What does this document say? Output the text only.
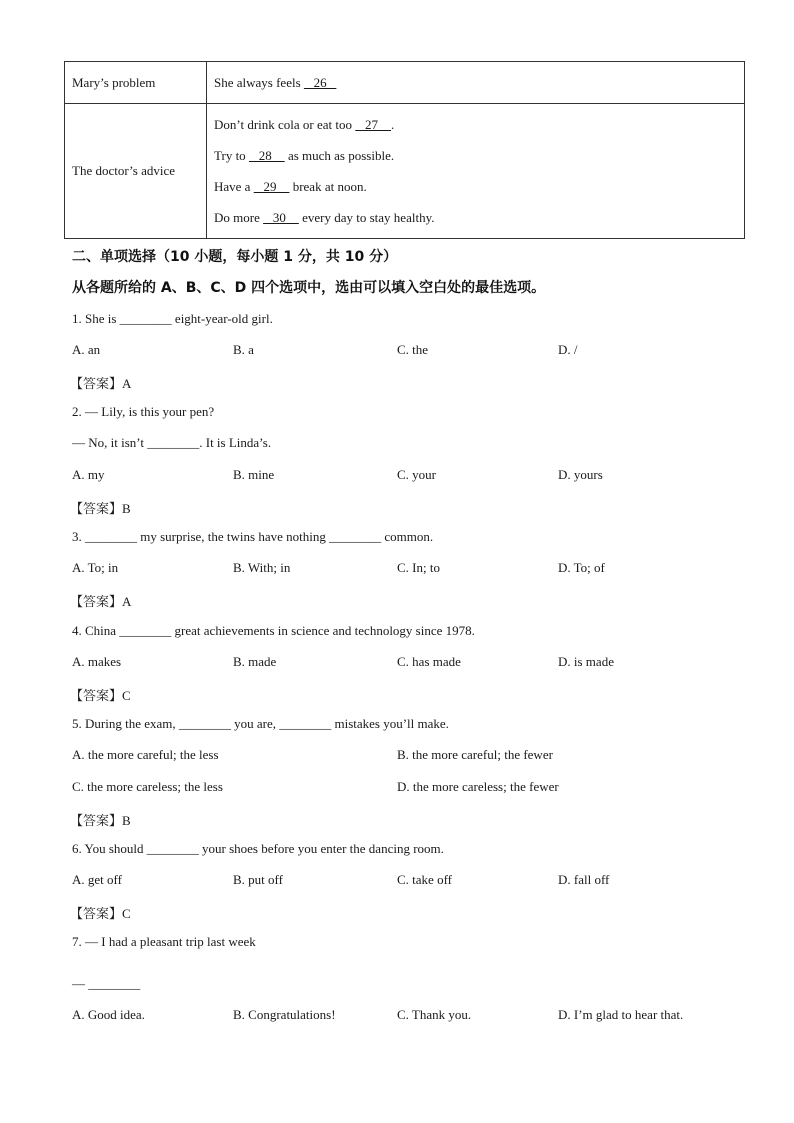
Mary’s problem	She always feels    26
The doctor’s advice	Don’t drink cola or eat too    27    .
Try to    28     as much as possible.
Have a    29     break at noon.
Do more    30     every day to stay healthy.
二、单项选择（10 小题，每小题 1 分，共 10 分）
从各题所给的 A、B、C、D 四个选项中，选由可以填入空白处的最佳选项。
1. She is ________ eight-year-old girl.
A. an	B. a	C. the	D. /
【答案】A
2. — Lily, is this your pen?
— No, it isn’t ________. It is Linda’s.
A. my	B. mine	C. your	D. yours
【答案】B
3. ________ my surprise, the twins have nothing ________ common.
A. To; in	B. With; in	C. In; to	D. To; of
【答案】A
4. China ________ great achievements in science and technology since 1978.
A. makes	B. made	C. has made	D. is made
【答案】C
5. During the exam, ________ you are, ________ mistakes you’ll make.
A. the more careful; the less	B. the more careful; the fewer
C. the more careless; the less	D. the more careless; the fewer
【答案】B
6. You should ________ your shoes before you enter the dancing room.
A. get off	B. put off	C. take off	D. fall off
【答案】C
7. — I had a pleasant trip last week
— ________
A. Good idea.	B. Congratulations!	C. Thank you.	D. I’m glad to hear that.
